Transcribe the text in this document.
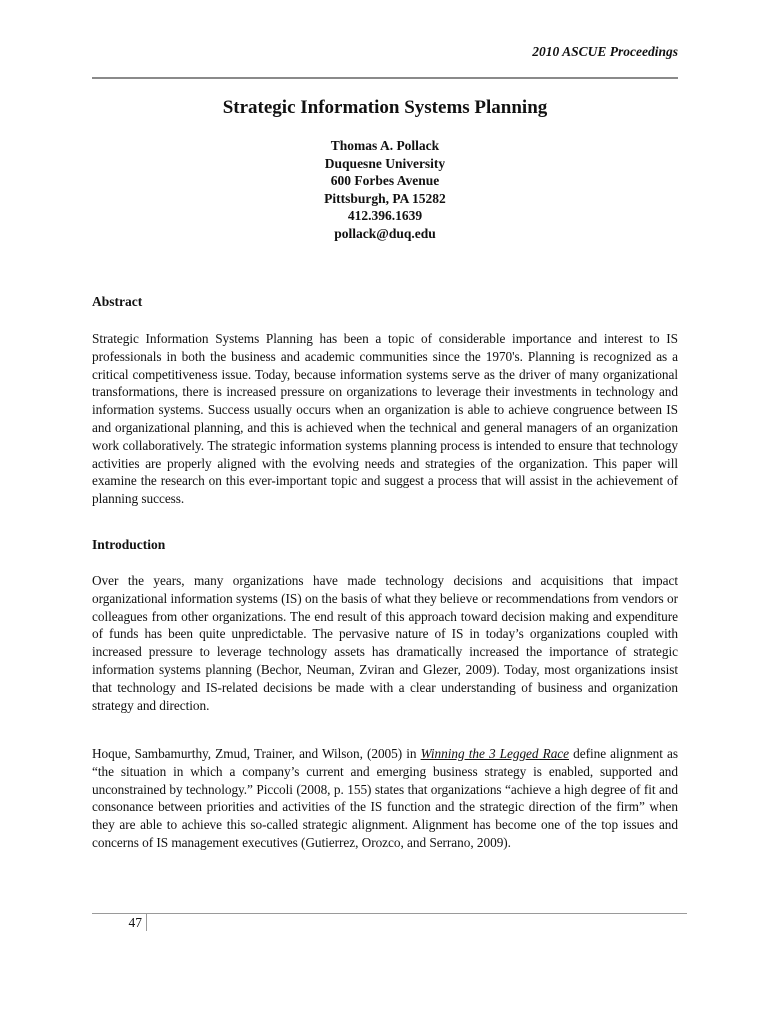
2010 ASCUE Proceedings
Strategic Information Systems Planning
Thomas A. Pollack
Duquesne University
600 Forbes Avenue
Pittsburgh, PA 15282
412.396.1639
pollack@duq.edu
Abstract

Strategic Information Systems Planning has been a topic of considerable importance and interest to IS professionals in both the business and academic communities since the 1970's. Planning is recognized as a critical competitiveness issue. Today, because information systems serve as the driver of many organizational transformations, there is increased pressure on organizations to leverage their investments in technology and information systems. Success usually occurs when an organization is able to achieve congruence between IS and organizational planning, and this is achieved when the technical and general managers of an organization work collaboratively. The strategic information systems planning process is intended to ensure that technology activities are properly aligned with the evolving needs and strategies of the organization. This paper will examine the research on this ever-important topic and suggest a process that will assist in the achievement of planning success.

Introduction

Over the years, many organizations have made technology decisions and acquisitions that impact organizational information systems (IS) on the basis of what they believe or recommendations from vendors or colleagues from other organizations. The end result of this approach toward decision making and expenditure of funds has been quite unpredictable. The pervasive nature of IS in today’s organizations coupled with increased pressure to leverage technology assets has dramatically increased the importance of strategic information systems planning (Bechor, Neuman, Zviran and Glezer, 2009). Today, most organizations insist that technology and IS-related decisions be made with a clear understanding of business and organization strategy and direction.

Hoque, Sambamurthy, Zmud, Trainer, and Wilson, (2005) in Winning the 3 Legged Race define alignment as “the situation in which a company’s current and emerging business strategy is enabled, supported and unconstrained by technology.” Piccoli (2008, p. 155) states that organizations “achieve a high degree of fit and consonance between priorities and activities of the IS function and the strategic direction of the firm” when they are able to achieve this so-called strategic alignment. Alignment has become one of the top issues and concerns of IS management executives (Gutierrez, Orozco, and Serrano, 2009).

47
